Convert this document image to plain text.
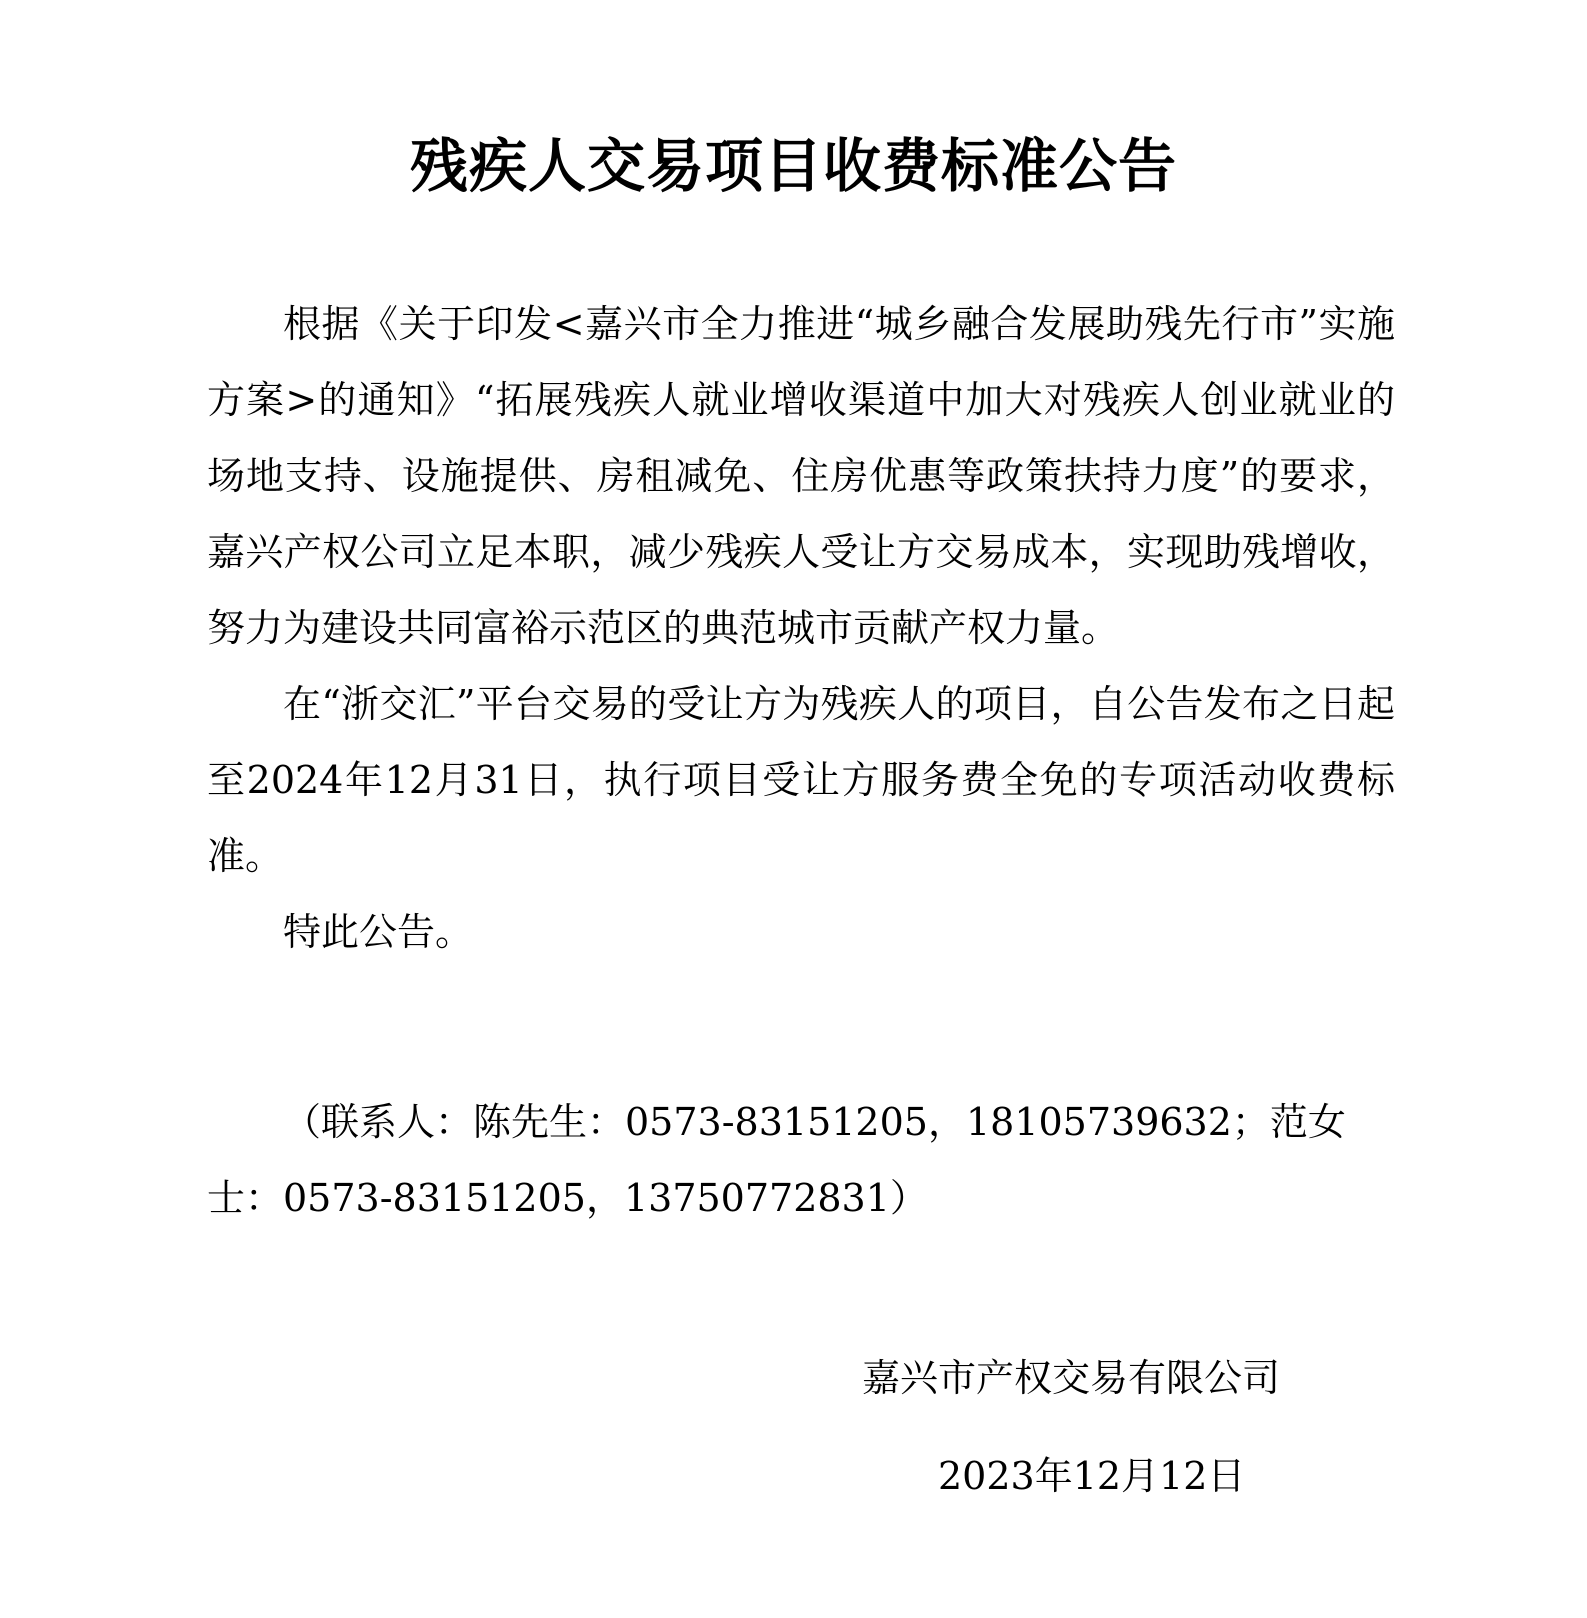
残疾人交易项目收费标准公告

根据《关于印发<嘉兴市全力推进“城乡融合发展助残先行市”实施方案>的通知》“拓展残疾人就业增收渠道中加大对残疾人创业就业的场地支持、设施提供、房租减免、住房优惠等政策扶持力度”的要求，嘉兴产权公司立足本职，减少残疾人受让方交易成本，实现助残增收，努力为建设共同富裕示范区的典范城市贡献产权力量。

在“浙交汇”平台交易的受让方为残疾人的项目，自公告发布之日起至2024年12月31日，执行项目受让方服务费全免的专项活动收费标准。

特此公告。

（联系人：陈先生：0573-83151205，18105739632；范女士：0573-83151205，13750772831）

嘉兴市产权交易有限公司
2023年12月12日
